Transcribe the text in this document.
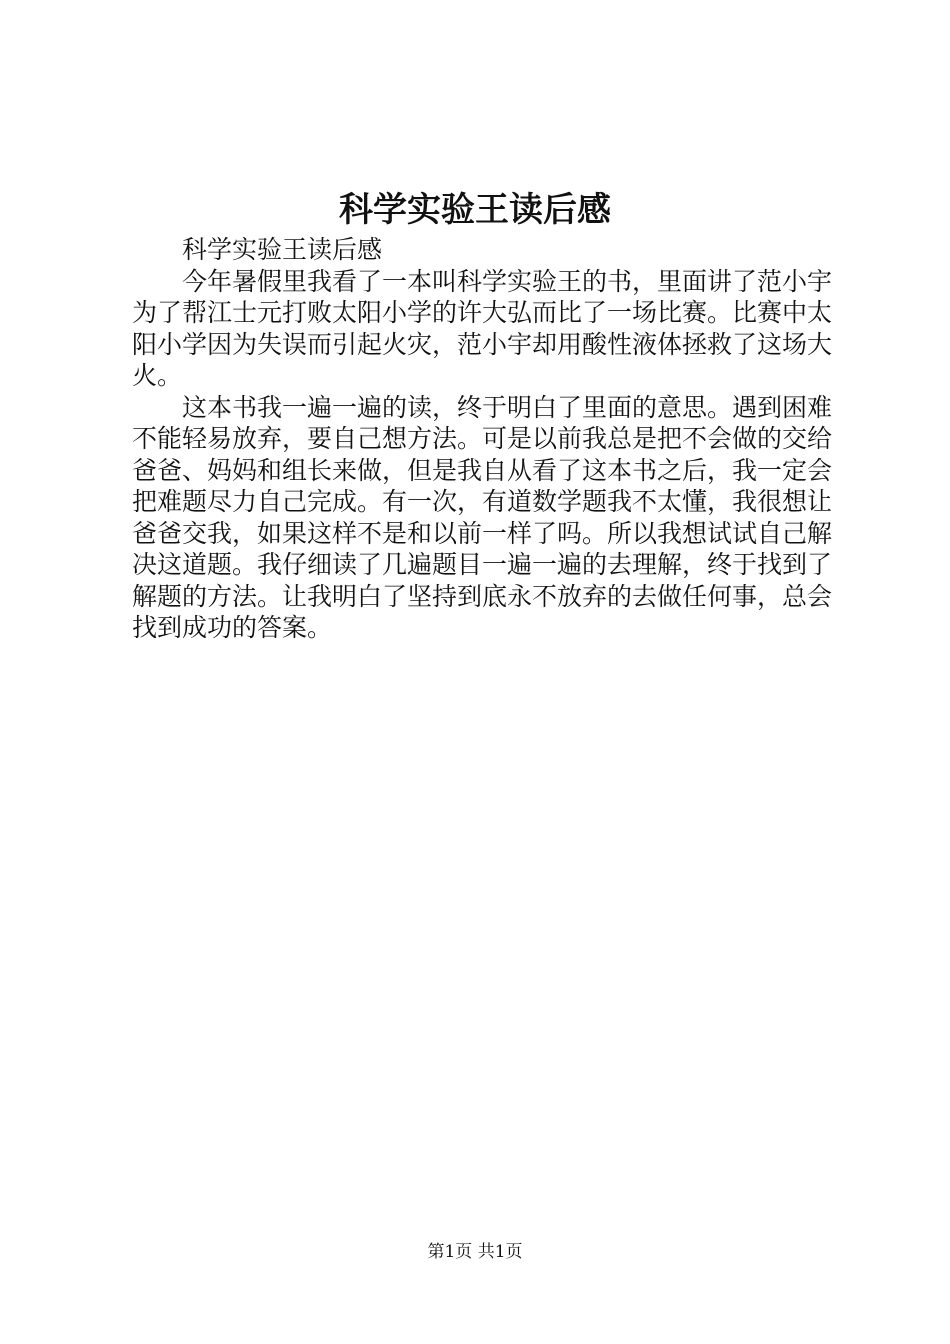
科学实验王读后感

科学实验王读后感

今年暑假里我看了一本叫科学实验王的书，里面讲了范小宇为了帮江士元打败太阳小学的许大弘而比了一场比赛。比赛中太阳小学因为失误而引起火灾，范小宇却用酸性液体拯救了这场大火。

这本书我一遍一遍的读，终于明白了里面的意思。遇到困难不能轻易放弃，要自己想方法。可是以前我总是把不会做的交给爸爸、妈妈和组长来做，但是我自从看了这本书之后，我一定会把难题尽力自己完成。有一次，有道数学题我不太懂，我很想让爸爸交我，如果这样不是和以前一样了吗。所以我想试试自己解决这道题。我仔细读了几遍题目一遍一遍的去理解，终于找到了解题的方法。让我明白了坚持到底永不放弃的去做任何事，总会找到成功的答案。

第1页 共1页
